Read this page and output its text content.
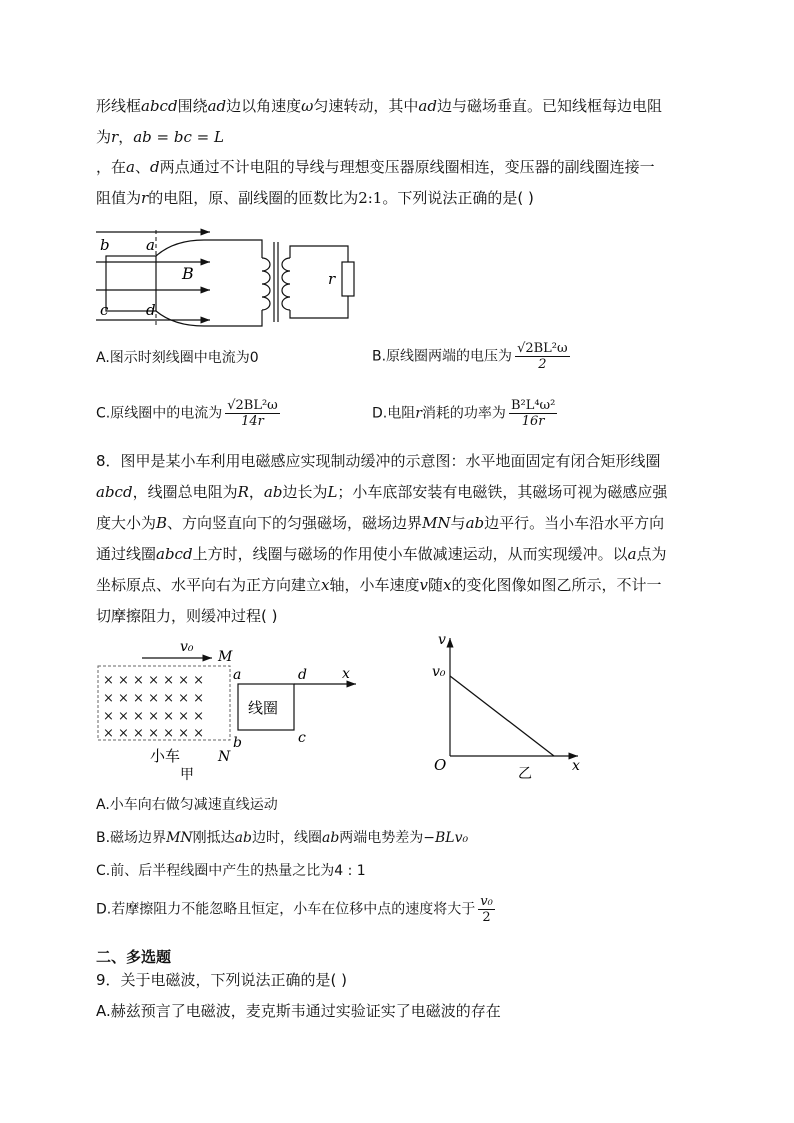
形线框abcd围绕ad边以角速度ω匀速转动，其中ad边与磁场垂直。已知线框每边电阻
为r，ab = bc = L
，在a、d两点通过不计电阻的导线与理想变压器原线圈相连，变压器的副线圈连接一
阻值为r的电阻，原、副线圈的匝数比为2:1。下列说法正确的是( )
b a
B
c	d
r
A.图示时刻线圈中电流为0	B.原线圈两端的电压为 $\frac{\text{√2BL²ω}}{2}$
C.原线圈中的电流为 $\frac{\text{√2BL²ω}}{14r}$	D.电阻r消耗的功率为 $\frac{\text{B²L⁴ω²}}{16r}$
8．图甲是某小车利用电磁感应实现制动缓冲的示意图：水平地面固定有闭合矩形线圈
abcd，线圈总电阻为R，ab边长为L；小车底部安装有电磁铁，其磁场可视为磁感应强
度大小为B、方向竖直向下的匀强磁场，磁场边界MN与ab边平行。当小车沿水平方向
通过线圈abcd上方时，线圈与磁场的作用使小车做减速运动，从而实现缓冲。以a点为
坐标原点、水平向右为正方向建立x轴，小车速度v随x的变化图像如图乙所示，不计一
切摩擦阻力，则缓冲过程( )
× × × × × × ×
× × × × × × ×
× × × × × × ×
× × × × × × ×
v₀
M
a	d	x
线圈
b	c
小车	N
甲
v
v₀
O	x
乙
A.小车向右做匀减速直线运动
B.磁场边界MN刚抵达ab边时，线圈ab两端电势差为−BLv₀
C.前、后半程线圈中产生的热量之比为4 : 1
D.若摩擦阻力不能忽略且恒定，小车在位移中点的速度将大于 $\frac{\text{v₀}}{2}$
二、多选题
9．关于电磁波，下列说法正确的是( )
A.赫兹预言了电磁波，麦克斯韦通过实验证实了电磁波的存在
